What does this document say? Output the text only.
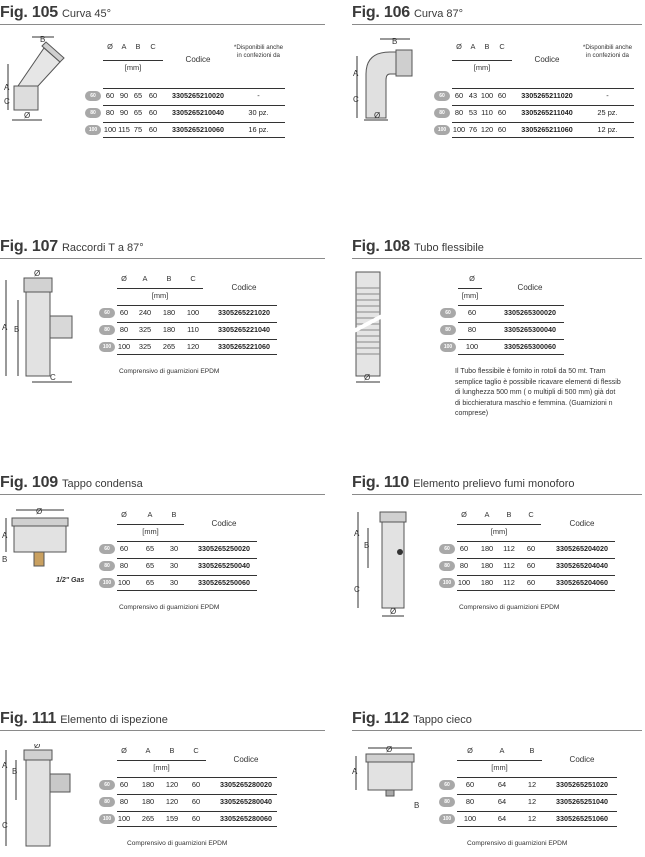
Fig. 105 Curva 45°
A
B
Ø
C
Fig. 106 Curva 87°
A
B
Ø
C
Fig. 107 Raccordi T a 87°
A B
C
Ø
Fig. 108 Tubo flessibile
Ø
Il Tubo flessibile è fornito in rotoli da 50 mt. Tram
semplice taglio è possibile ricavare elementi di flessib
di lunghezza 500 mm ( o multipli di 500 mm) già dot
di bicchieratura maschio e femmina. (Guarnizioni n
comprese)
Fig. 109 Tappo condensa
Ø
A
B
1/2" Gas
Fig. 110 Elemento prelievo fumi monoforo
A
B
C
Ø
Fig. 111 Elemento di ispezione
A
B
C
Ø
Fig. 112 Tappo cieco
Ø
A
B
Ø	A	B	C
[mm]
Codice
*Disponibili anche in confezioni da
60	60 90 65 60	3305265210020	-
80	80 90 65 60	3305265210040	30 pz.
100 100 115 75 60	3305265210060	16 pz.
Ø	A	B	C
[mm]
Codice
*Disponibili anche in confezioni da
60	60 43 100 60	3305265211020	-
80	80 53 110 60	3305265211040	25 pz.
100 100 76 120 60	3305265211060	12 pz.
Ø	A	B	C
[mm]
Codice
60	60	240	180	100	3305265221020
80	80	325	180	110	3305265221040
100 100	325	265	120	3305265221060
Comprensivo di guarnizioni EPDM
Ø
[mm]
Codice
60	60	3305265300020
80	80	3305265300040
100	100	3305265300060
Ø	A	B
[mm]
Codice
60	60	65	30	3305265250020
80	80	65	30	3305265250040
100 100	65	30	3305265250060
Comprensivo di guarnizioni EPDM
Ø	A	B	C
[mm]
Codice
60	60	180	112	60	3305265204020
80	80	180	112	60	3305265204040
100 100	180	112	60	3305265204060
Comprensivo di guarnizioni EPDM
Ø	A	B	C
[mm]
Codice
60	60	180	120	60	3305265280020
80	80	180	120	60	3305265280040
100 100	265	159	60	3305265280060
Comprensivo di guarnizioni EPDM
Ø	A	B
[mm]
Codice
60	60	64	12	3305265251020
80	80	64	12	3305265251040
100	100	64	12	3305265251060
Comprensivo di guarnizioni EPDM
